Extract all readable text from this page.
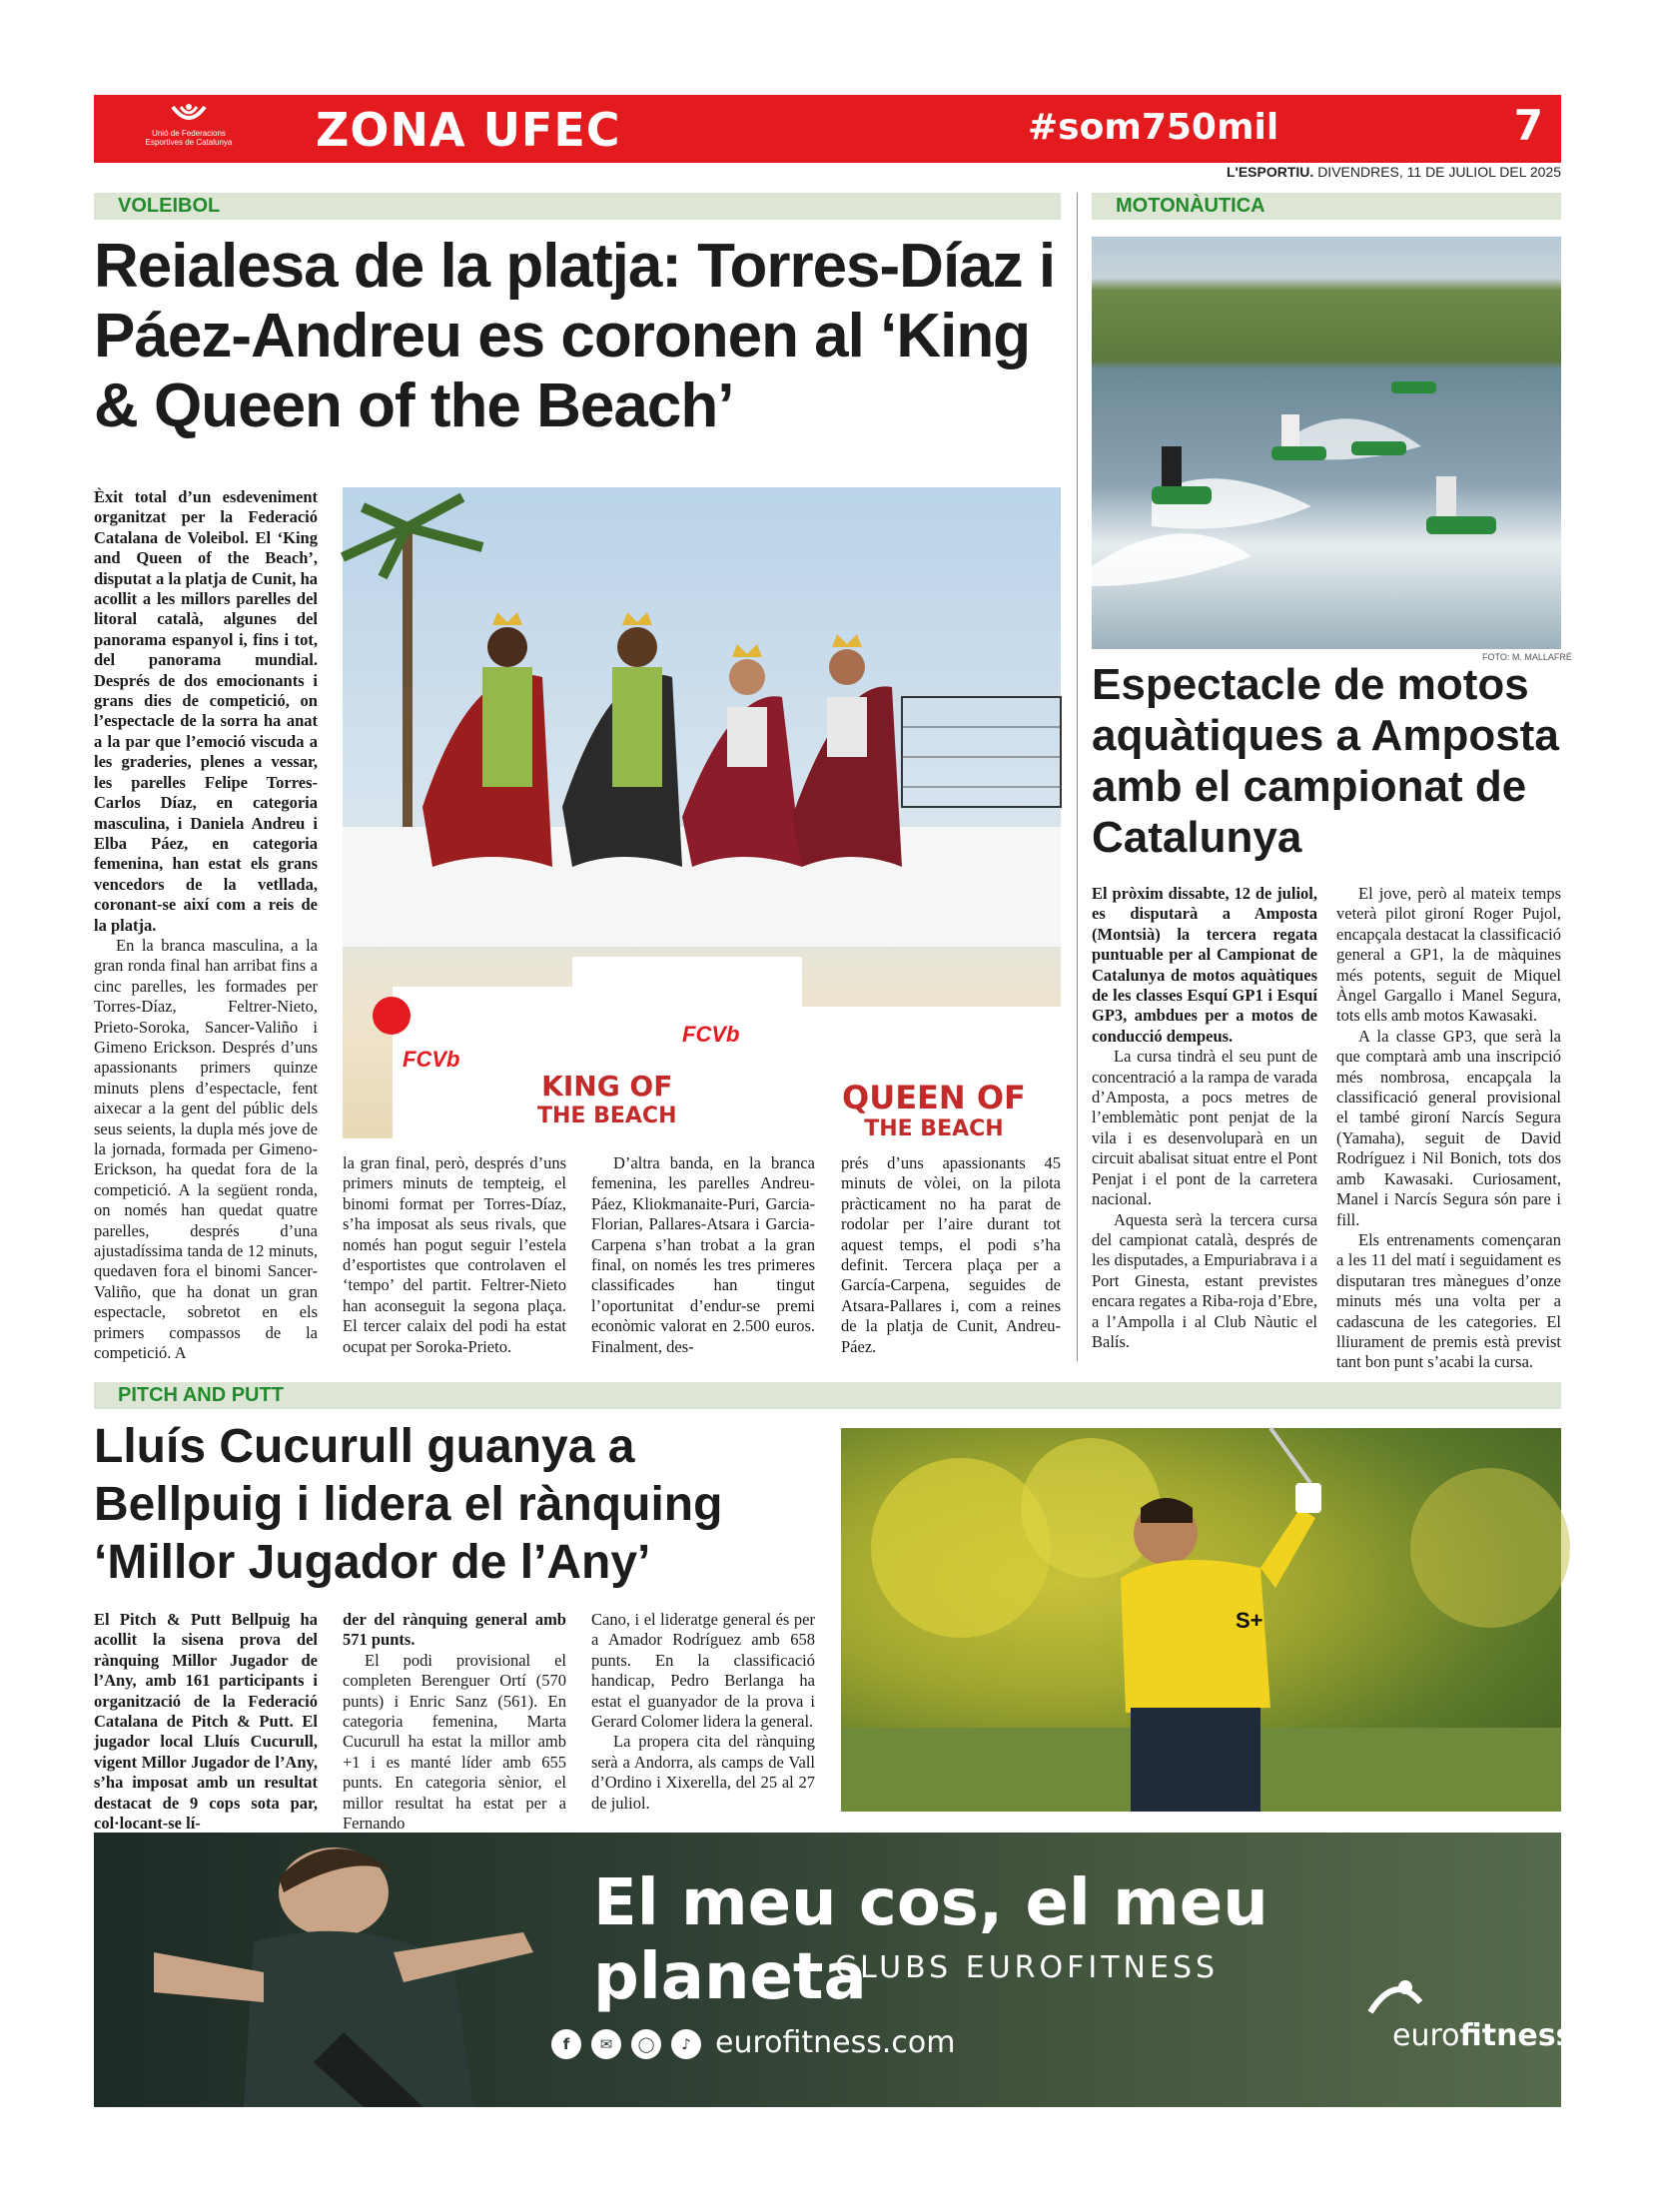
Unió de Federacions
Esportives de Catalunya	ZONA UFEC	#som750mil	7
L'ESPORTIU. DIVENDRES, 11 DE JULIOL DEL 2025
VOLEIBOL
Reialesa de la platja: Torres-Díaz i Páez-Andreu es coronen al ‘King & Queen of the Beach’

Èxit total d’un esdeveniment organitzat per la Federació Catalana de Voleibol. El ‘King and Queen of the Beach’, disputat a la platja de Cunit, ha acollit a les millors parelles del litoral català, algunes del panorama espanyol i, fins i tot, del panorama mundial. Després de dos emocionants i grans dies de competició, on l’espectacle de la sorra ha anat a la par que l’emoció viscuda a les graderies, plenes a vessar, les parelles Felipe Torres-Carlos Díaz, en categoria masculina, i Daniela Andreu i Elba Páez, en categoria femenina, han estat els grans vencedors de la vetllada, coronant-se així com a reis de la platja.

En la branca masculina, a la gran ronda final han arribat fins a cinc parelles, les formades per Torres-Díaz, Feltrer-Nieto, Prieto-Soroka, Sancer-Valiño i Gimeno Erickson. Després d’uns apassionants primers quinze minuts plens d’espectacle, fent aixecar a la gent del públic dels seus seients, la dupla més jove de la jornada, formada per Gimeno-Erickson, ha quedat fora de la competició. A la següent ronda, on només han quedat quatre parelles, després d’una ajustadíssima tanda de 12 minuts, quedaven fora el binomi Sancer-Valiño, que ha donat un gran espectacle, sobretot en els primers compassos de la competició. A

FCVb
KING OF
THE BEACH
FCVb
QUEEN OF
THE BEACH

la gran final, però, després d’uns primers minuts de tempteig, el binomi format per Torres-Díaz, s’ha imposat als seus rivals, que només han pogut seguir l’estela d’esportistes que controlaven el ‘tempo’ del partit. Feltrer-Nieto han aconseguit la segona plaça. El tercer calaix del podi ha estat ocupat per Soroka-Prieto.

D’altra banda, en la branca femenina, les parelles Andreu-Páez, Kliokmanaite-Puri, Garcia-Florian, Pallares-Atsara i Garcia-Carpena s’han trobat a la gran final, on només les tres primeres classificades han tingut l’oportunitat d’endur-se premi econòmic valorat en 2.500 euros. Finalment, des-

prés d’uns apassionants 45 minuts de vòlei, on la pilota pràcticament no ha parat de rodolar per l’aire durant tot aquest temps, el podi s’ha definit. Tercera plaça per a García-Carpena, seguides de Atsara-Pallares i, com a reines de la platja de Cunit, Andreu-Páez.

MOTONÀUTICA
FOTO: M. MALLAFRÉ
Espectacle de motos aquàtiques a Amposta amb el campionat de Catalunya

El pròxim dissabte, 12 de juliol, es disputarà a Amposta (Montsià) la tercera regata puntuable per al Campionat de Catalunya de motos aquàtiques de les classes Esquí GP1 i Esquí GP3, ambdues per a motos de conducció dempeus.

La cursa tindrà el seu punt de concentració a la rampa de varada d’Amposta, a pocs metres de l’emblemàtic pont penjat de la vila i es desenvoluparà en un circuit abalisat situat entre el Pont Penjat i el pont de la carretera nacional.

Aquesta serà la tercera cursa del campionat català, després de les disputades, a Empuriabrava i a Port Ginesta, estant previstes encara regates a Riba-roja d’Ebre, a l’Ampolla i al Club Nàutic el Balís.

El jove, però al mateix temps veterà pilot gironí Roger Pujol, encapçala destacat la classificació general a GP1, la de màquines més potents, seguit de Miquel Àngel Gargallo i Manel Segura, tots ells amb motos Kawasaki.

A la classe GP3, que serà la que comptarà amb una inscripció més nombrosa, encapçala la classificació general provisional el també gironí Narcís Segura (Yamaha), seguit de David Rodríguez i Nil Bonich, tots dos amb Kawasaki. Curiosament, Manel i Narcís Segura són pare i fill.

Els entrenaments començaran a les 11 del matí i seguidament es disputaran tres mànegues d’onze minuts més una volta per a cadascuna de les categories. El lliurament de premis està previst tant bon punt s’acabi la cursa.

PITCH AND PUTT
Lluís Cucurull guanya a Bellpuig i lidera el rànquing ‘Millor Jugador de l’Any’

El Pitch & Putt Bellpuig ha acollit la sisena prova del rànquing Millor Jugador de l’Any, amb 161 participants i organització de la Federació Catalana de Pitch & Putt. El jugador local Lluís Cucurull, vigent Millor Jugador de l’Any, s’ha imposat amb un resultat destacat de 9 cops sota par, col·locant-se lí-

der del rànquing general amb 571 punts.

El podi provisional el completen Berenguer Ortí (570 punts) i Enric Sanz (561). En categoria femenina, Marta Cucurull ha estat la millor amb +1 i es manté líder amb 655 punts. En categoria sènior, el millor resultat ha estat per a Fernando

Cano, i el lideratge general és per a Amador Rodríguez amb 658 punts. En la classificació handicap, Pedro Berlanga ha estat el guanyador de la prova i Gerard Colomer lidera la general.

La propera cita del rànquing serà a Andorra, als camps de Vall d’Ordino i Xixerella, del 25 al 27 de juliol.

S+
El meu cos, el meu planeta
CLUBS EUROFITNESS
f	✉	◯	♪ eurofitness.com	eurofitness
